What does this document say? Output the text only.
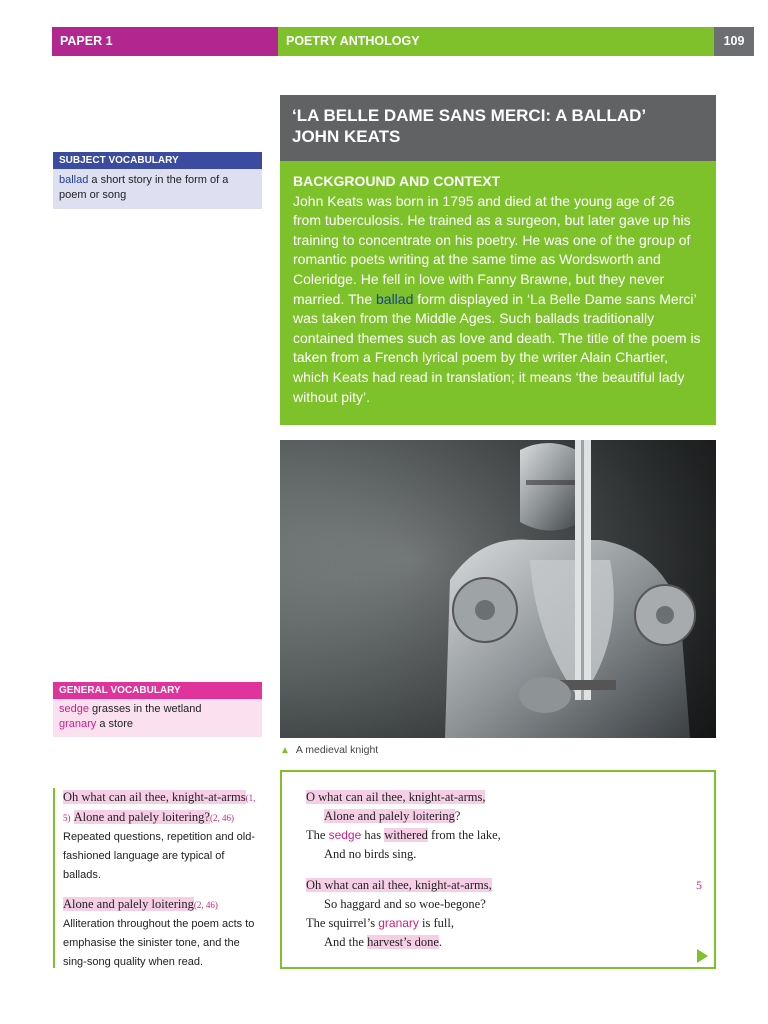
PAPER 1	POETRY ANTHOLOGY	109
‘LA BELLE DAME SANS MERCI: A BALLAD’
JOHN KEATS
BACKGROUND AND CONTEXT
John Keats was born in 1795 and died at the young age of 26 from tuberculosis. He trained as a surgeon, but later gave up his training to concentrate on his poetry. He was one of the group of romantic poets writing at the same time as Wordsworth and Coleridge. He fell in love with Fanny Brawne, but they never married. The ballad form displayed in ‘La Belle Dame sans Merci’ was taken from the Middle Ages. Such ballads traditionally contained themes such as love and death. The title of the poem is taken from a French lyrical poem by the writer Alain Chartier, which Keats had read in translation; it means ‘the beautiful lady without pity’.
SUBJECT VOCABULARY
ballad a short story in the form of a poem or song
▲ A medieval knight
GENERAL VOCABULARY
sedge grasses in the wetland
granary a store
Oh what can ail thee, knight-at-arms(1, 5) Alone and palely loitering?(2, 46) Repeated questions, repetition and old-fashioned language are typical of ballads.
Alone and palely loitering(2, 46)
Alliteration throughout the poem acts to emphasise the sinister tone, and the sing-song quality when read.
O what can ail thee, knight-at-arms,
Alone and palely loitering?
The sedge has withered from the lake,
And no birds sing.
Oh what can ail thee, knight-at-arms,
So haggard and so woe-begone?
The squirrel’s granary is full,
And the harvest’s done.
5
